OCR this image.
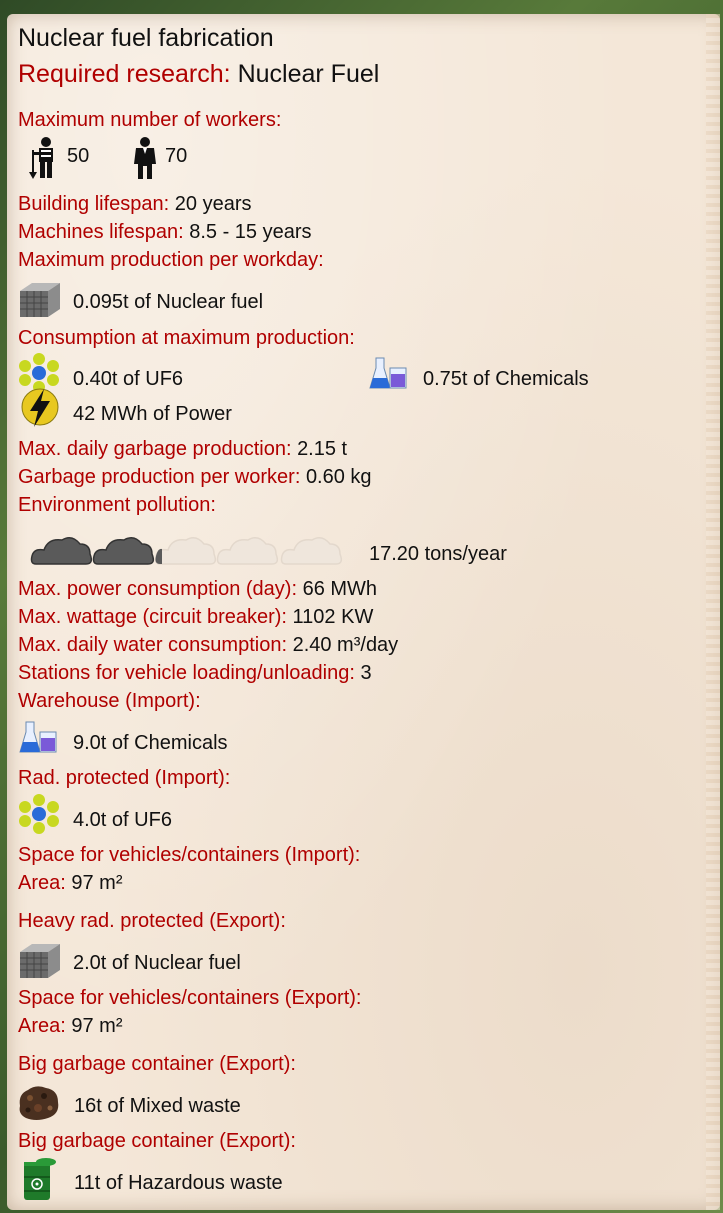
Nuclear fuel fabrication
Required research: Nuclear Fuel
Maximum number of workers:
50	70
Building lifespan: 20 years
Machines lifespan: 8.5 - 15 years
Maximum production per workday:
0.095t of Nuclear fuel
Consumption at maximum production:
0.40t of UF6	0.75t of Chemicals
42 MWh of Power
Max. daily garbage production: 2.15 t
Garbage production per worker: 0.60 kg
Environment pollution:
17.20 tons/year
Max. power consumption (day): 66 MWh
Max. wattage (circuit breaker): 1102 KW
Max. daily water consumption: 2.40 m³/day
Stations for vehicle loading/unloading: 3
Warehouse (Import):
9.0t of Chemicals
Rad. protected (Import):
4.0t of UF6
Space for vehicles/containers (Import):
Area: 97 m²
Heavy rad. protected (Export):
2.0t of Nuclear fuel
Space for vehicles/containers (Export):
Area: 97 m²
Big garbage container (Export):
16t of Mixed waste
Big garbage container (Export):
11t of Hazardous waste
